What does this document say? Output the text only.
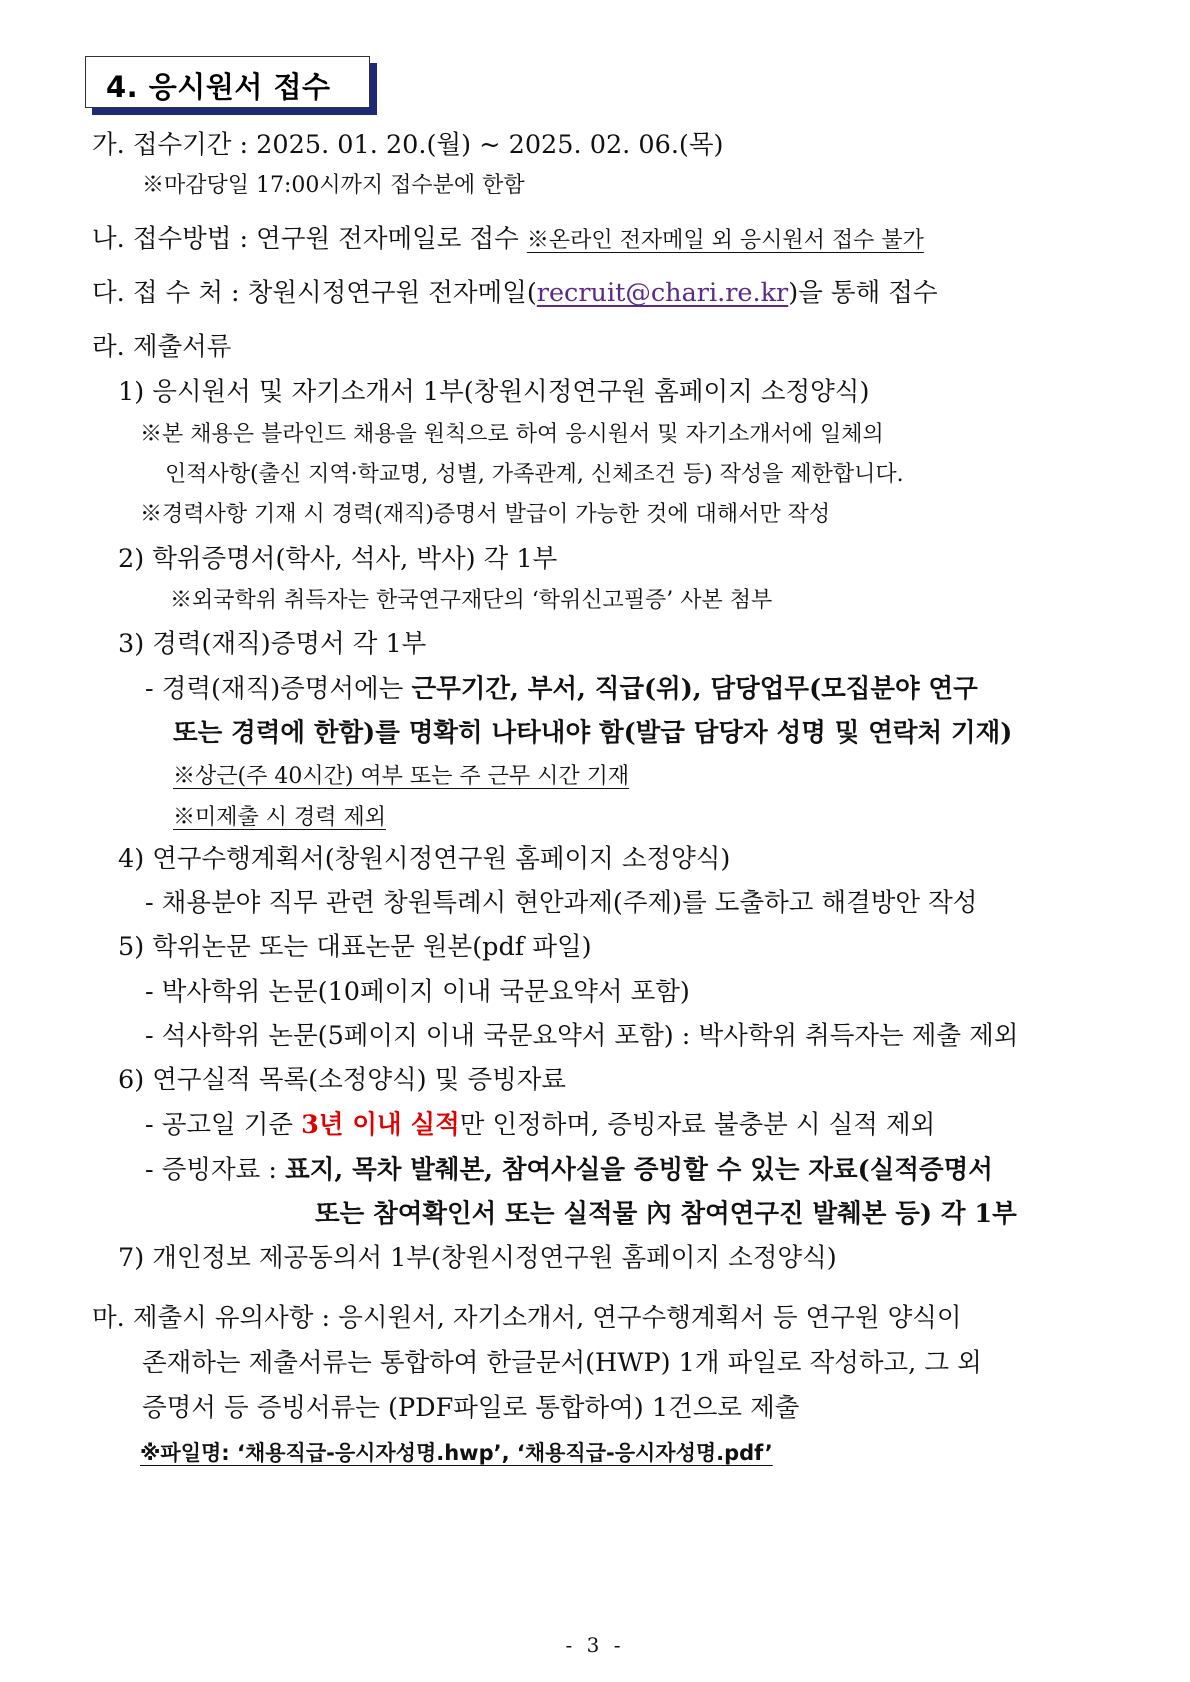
4. 응시원서 접수
가. 접수기간 : 2025. 01. 20.(월) ~ 2025. 02. 06.(목)
※마감당일 17:00시까지 접수분에 한함
나. 접수방법 : 연구원 전자메일로 접수 ※온라인 전자메일 외 응시원서 접수 불가
다. 접 수 처 : 창원시정연구원 전자메일(recruit@chari.re.kr)을 통해 접수
라. 제출서류
1) 응시원서 및 자기소개서 1부(창원시정연구원 홈페이지 소정양식)
※본 채용은 블라인드 채용을 원칙으로 하여 응시원서 및 자기소개서에 일체의
인적사항(출신 지역·학교명, 성별, 가족관계, 신체조건 등) 작성을 제한합니다.
※경력사항 기재 시 경력(재직)증명서 발급이 가능한 것에 대해서만 작성
2) 학위증명서(학사, 석사, 박사) 각 1부
※외국학위 취득자는 한국연구재단의 ‘학위신고필증’ 사본 첨부
3) 경력(재직)증명서 각 1부
- 경력(재직)증명서에는 근무기간, 부서, 직급(위), 담당업무(모집분야 연구
또는 경력에 한함)를 명확히 나타내야 함(발급 담당자 성명 및 연락처 기재)
※상근(주 40시간) 여부 또는 주 근무 시간 기재
※미제출 시 경력 제외
4) 연구수행계획서(창원시정연구원 홈페이지 소정양식)
- 채용분야 직무 관련 창원특례시 현안과제(주제)를 도출하고 해결방안 작성
5) 학위논문 또는 대표논문 원본(pdf 파일)
- 박사학위 논문(10페이지 이내 국문요약서 포함)
- 석사학위 논문(5페이지 이내 국문요약서 포함) : 박사학위 취득자는 제출 제외
6) 연구실적 목록(소정양식) 및 증빙자료
- 공고일 기준 3년 이내 실적만 인정하며, 증빙자료 불충분 시 실적 제외
- 증빙자료 : 표지, 목차 발췌본, 참여사실을 증빙할 수 있는 자료(실적증명서
또는 참여확인서 또는 실적물 內 참여연구진 발췌본 등) 각 1부
7) 개인정보 제공동의서 1부(창원시정연구원 홈페이지 소정양식)
마. 제출시 유의사항 : 응시원서, 자기소개서, 연구수행계획서 등 연구원 양식이
존재하는 제출서류는 통합하여 한글문서(HWP) 1개 파일로 작성하고, 그 외
증명서 등 증빙서류는 (PDF파일로 통합하여) 1건으로 제출
※파일명: ‘채용직급-응시자성명.hwp’, ‘채용직급-응시자성명.pdf’
- 3 -
